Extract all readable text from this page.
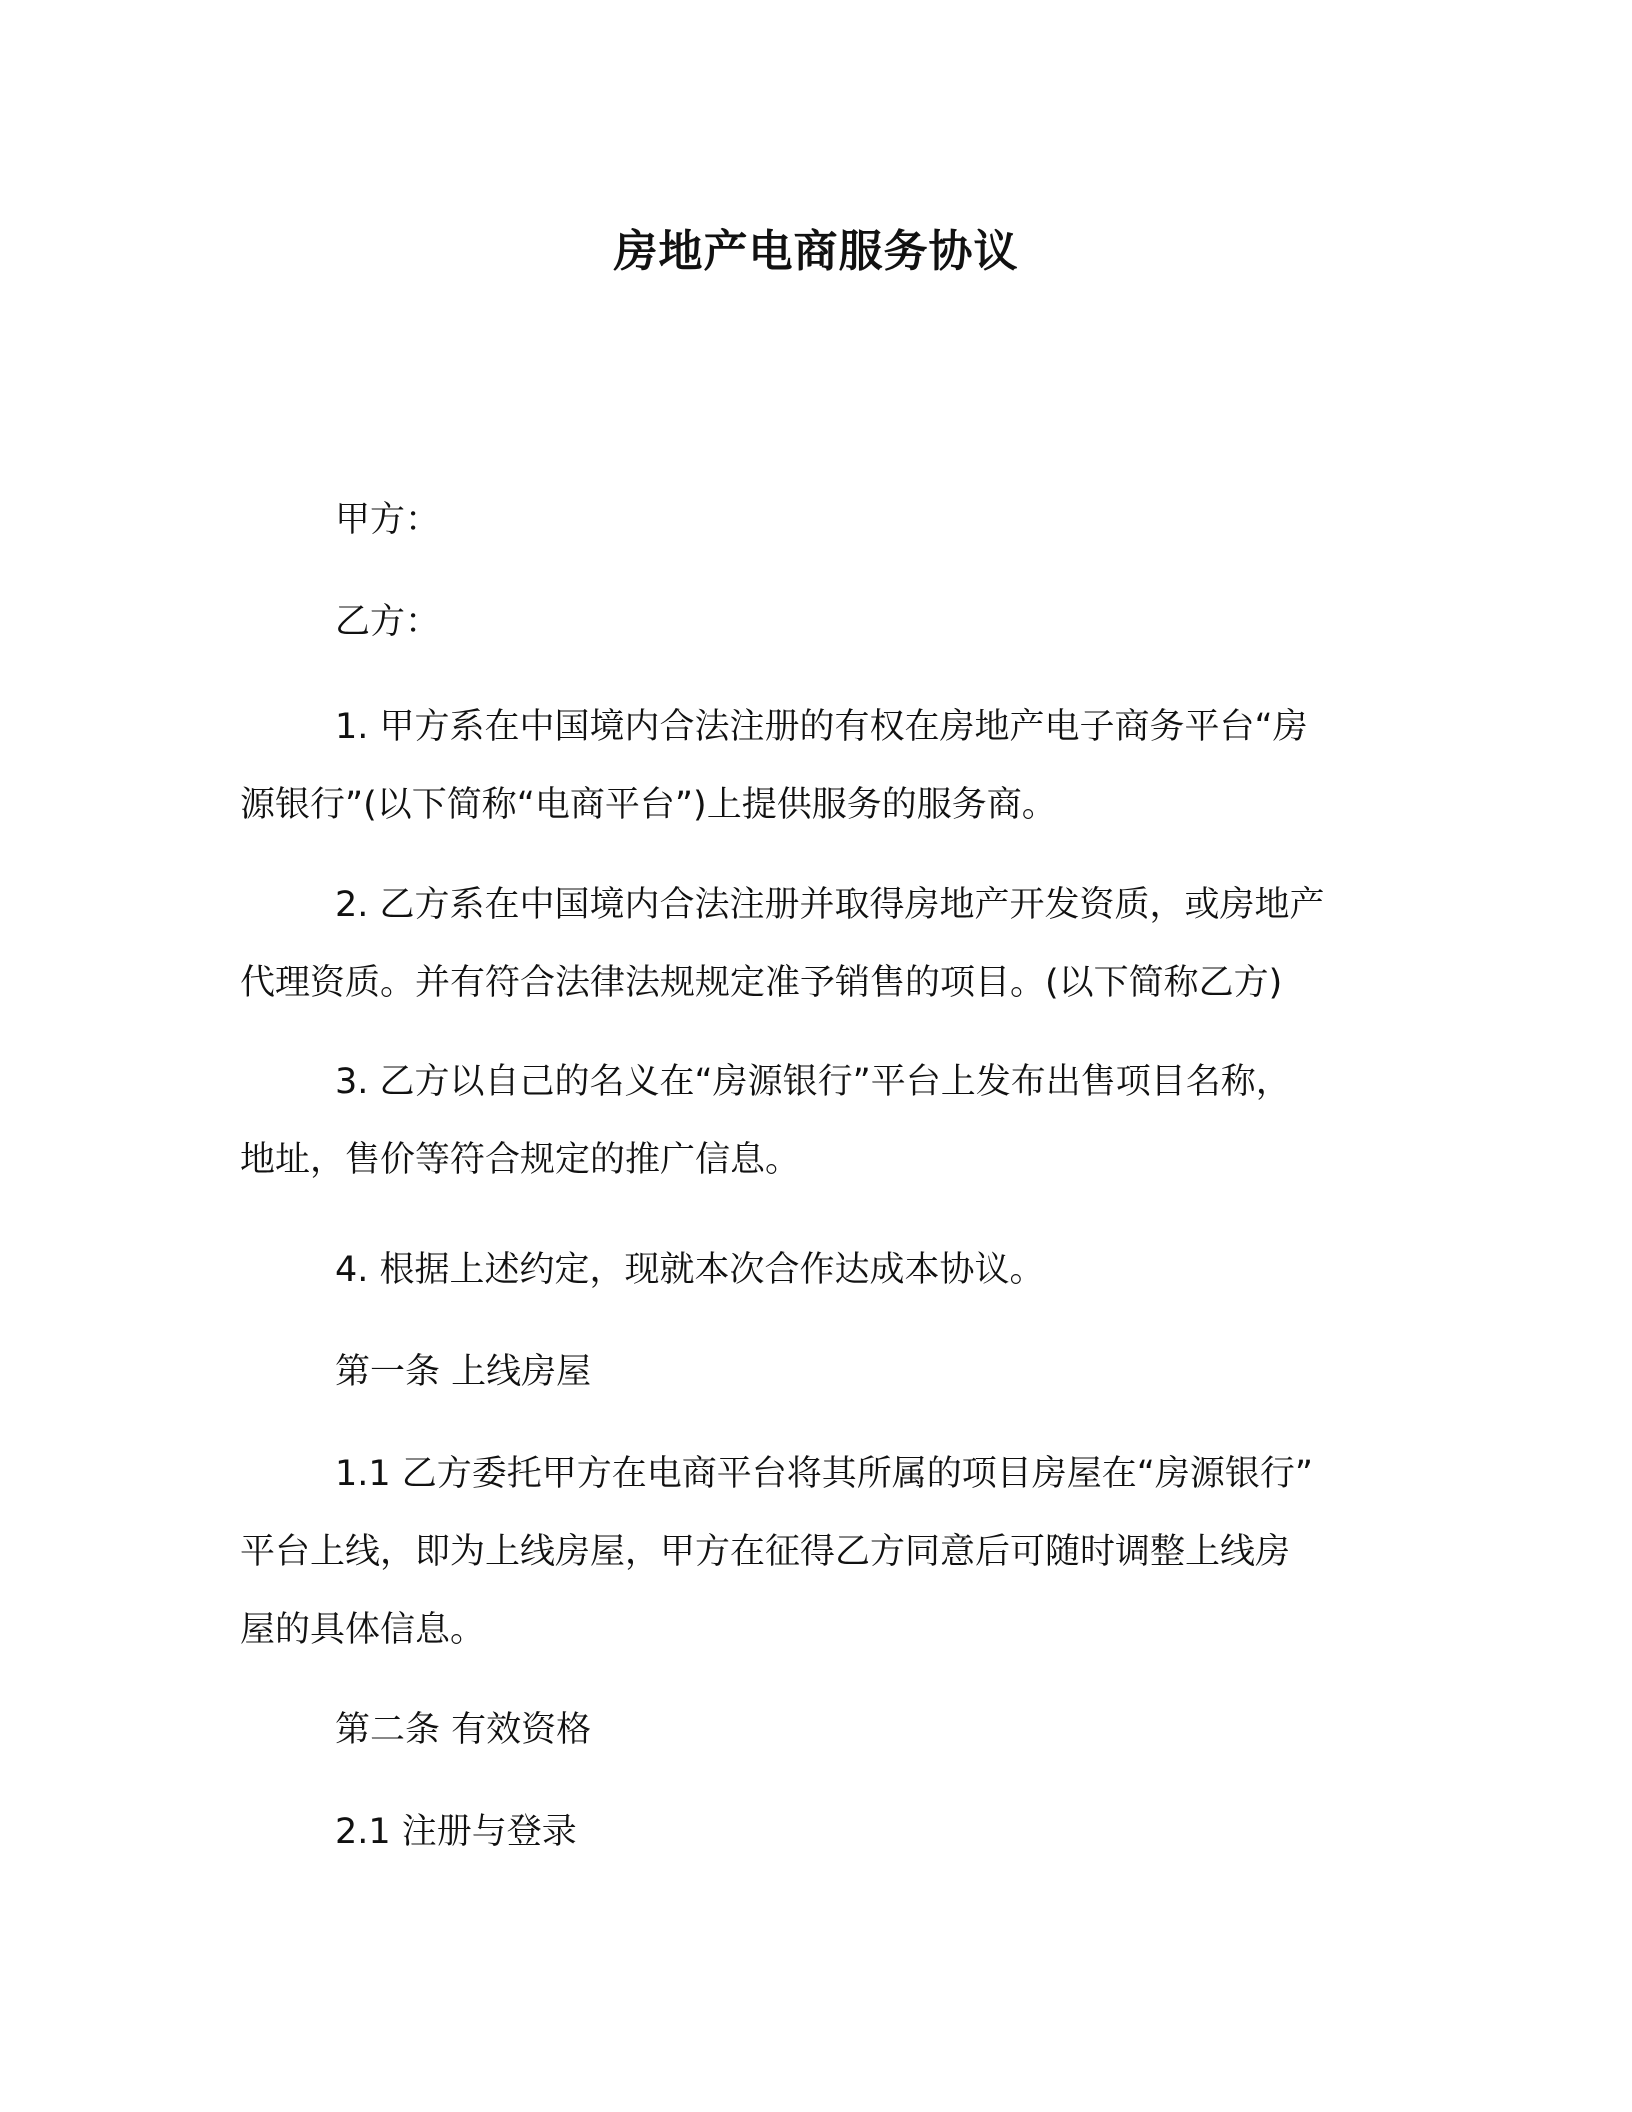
房地产电商服务协议

甲方：

乙方：

1. 甲方系在中国境内合法注册的有权在房地产电子商务平台“房
源银行”(以下简称“电商平台”)上提供服务的服务商。
2. 乙方系在中国境内合法注册并取得房地产开发资质，或房地产
代理资质。并有符合法律法规规定准予销售的项目。(以下简称乙方)
3. 乙方以自己的名义在“房源银行”平台上发布出售项目名称，
地址，售价等符合规定的推广信息。

4. 根据上述约定，现就本次合作达成本协议。

第一条 上线房屋

1.1 乙方委托甲方在电商平台将其所属的项目房屋在“房源银行”
平台上线，即为上线房屋，甲方在征得乙方同意后可随时调整上线房
屋的具体信息。

第二条 有效资格

2.1 注册与登录
